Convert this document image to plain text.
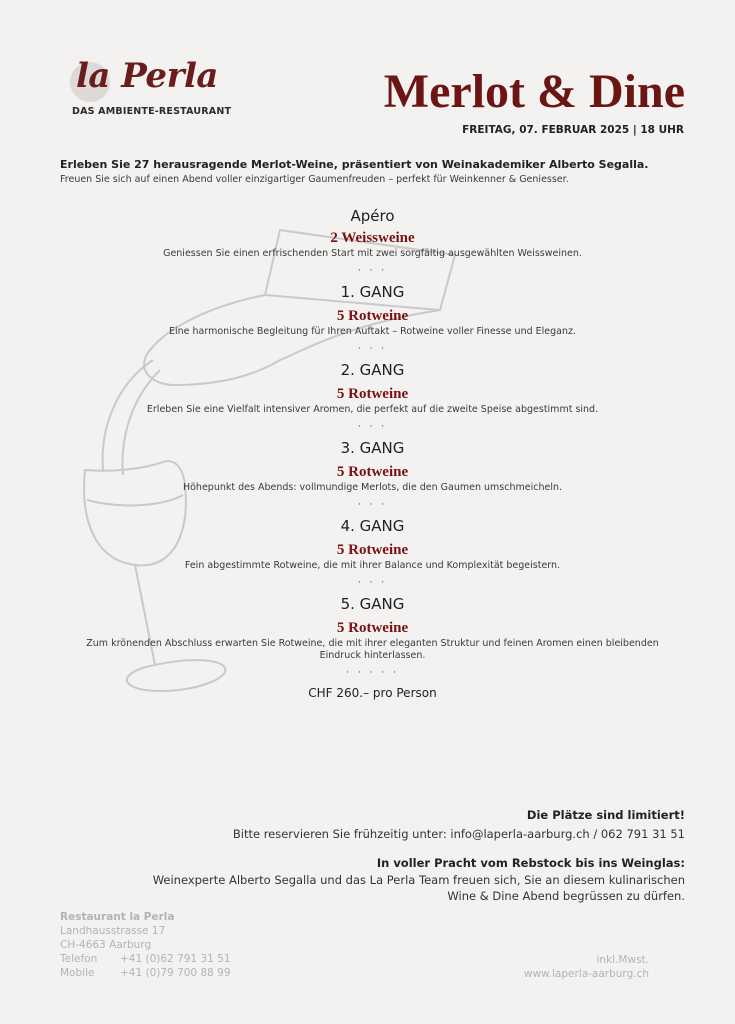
la Perla
DAS AMBIENTE-RESTAURANT	Merlot & Dine
FREITAG, 07. FEBRUAR 2025 | 18 UHR
Erleben Sie 27 herausragende Merlot-Weine, präsentiert von Weinakademiker Alberto Segalla.
Freuen Sie sich auf einen Abend voller einzigartiger Gaumenfreuden – perfekt für Weinkenner & Geniesser.
Apéro
2 Weissweine
Geniessen Sie einen erfrischenden Start mit zwei sorgfältig ausgewählten Weissweinen.
· · ·
1. GANG
5 Rotweine
Eine harmonische Begleitung für Ihren Auftakt – Rotweine voller Finesse und Eleganz.
· · ·
2. GANG
5 Rotweine
Erleben Sie eine Vielfalt intensiver Aromen, die perfekt auf die zweite Speise abgestimmt sind.
· · ·
3. GANG
5 Rotweine
Höhepunkt des Abends: vollmundige Merlots, die den Gaumen umschmeicheln.
· · ·
4. GANG
5 Rotweine
Fein abgestimmte Rotweine, die mit ihrer Balance und Komplexität begeistern.
· · ·
5. GANG
5 Rotweine
Zum krönenden Abschluss erwarten Sie Rotweine, die mit ihrer eleganten Struktur und feinen Aromen einen bleibenden Eindruck hinterlassen.
· · · · ·
CHF 260.– pro Person
Die Plätze sind limitiert!
Bitte reservieren Sie frühzeitig unter: info@laperla-aarburg.ch / 062 791 31 51
In voller Pracht vom Rebstock bis ins Weinglas:
Weinexperte Alberto Segalla und das La Perla Team freuen sich, Sie an diesem kulinarischen
Wine & Dine Abend begrüssen zu dürfen.
Restaurant la Perla
Landhausstrasse 17
CH-4663 Aarburg
Telefon +41 (0)62 791 31 51
Mobile +41 (0)79 700 88 99
inkl.Mwst.
www.laperla-aarburg.ch
